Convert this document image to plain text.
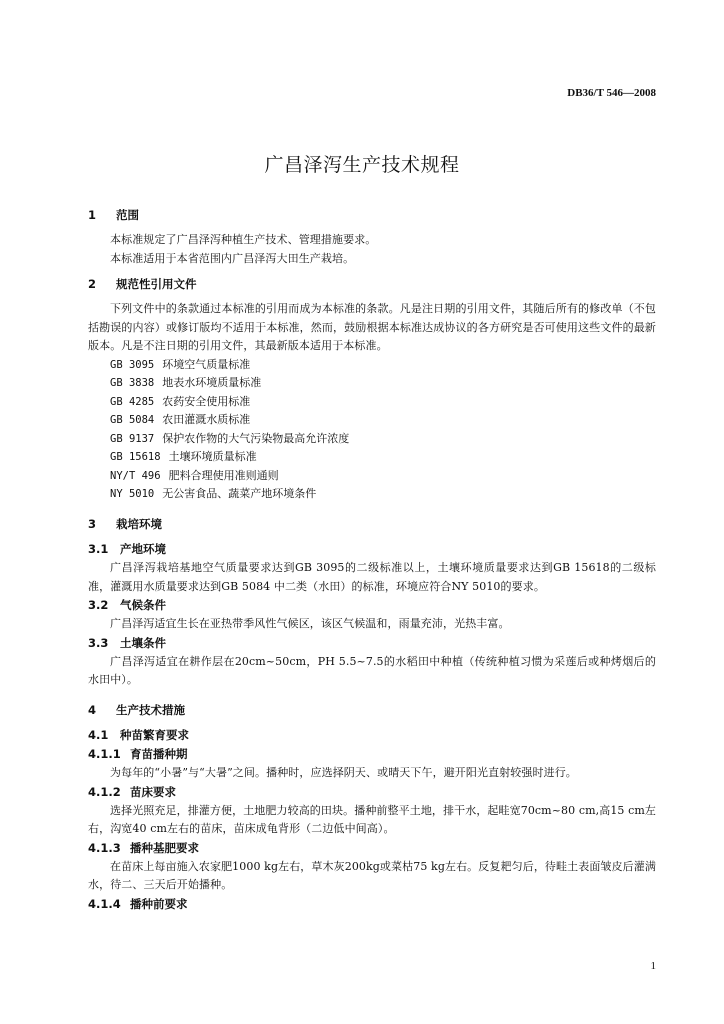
DB36/T 546—2008
广昌泽泻生产技术规程
1 范围

本标准规定了广昌泽泻种植生产技术、管理措施要求。

本标准适用于本省范围内广昌泽泻大田生产栽培。

2 规范性引用文件

下列文件中的条款通过本标准的引用而成为本标准的条款。凡是注日期的引用文件，其随后所有的修改单（不包括勘误的内容）或修订版均不适用于本标准，然而，鼓励根据本标准达成协议的各方研究是否可使用这些文件的最新版本。凡是不注日期的引用文件，其最新版本适用于本标准。

GB 3095 环境空气质量标准

GB 3838 地表水环境质量标准

GB 4285 农药安全使用标准

GB 5084 农田灌溉水质标准

GB 9137 保护农作物的大气污染物最高允许浓度

GB 15618 土壤环境质量标准

NY/T 496 肥料合理使用准则通则

NY 5010 无公害食品、蔬菜产地环境条件

3 栽培环境
3.1 产地环境

广昌泽泻栽培基地空气质量要求达到GB 3095的二级标准以上，土壤环境质量要求达到GB 15618的二级标准，灌溉用水质量要求达到GB 5084 中二类（水田）的标准，环境应符合NY 5010的要求。

3.2 气候条件

广昌泽泻适宜生长在亚热带季风性气候区，该区气候温和，雨量充沛，光热丰富。

3.3 土壤条件

广昌泽泻适宜在耕作层在20cm~50cm，PH 5.5~7.5的水稻田中种植（传统种植习惯为采莲后或种烤烟后的水田中）。

4 生产技术措施
4.1 种苗繁育要求
4.1.1 育苗播种期

为每年的“小暑”与“大暑”之间。播种时，应选择阴天、或晴天下午，避开阳光直射较强时进行。

4.1.2 苗床要求

选择光照充足，排灌方便，土地肥力较高的田块。播种前整平土地，排干水，起畦宽70cm~80 cm,高15 cm左右，沟宽40 cm左右的苗床，苗床成龟背形（二边低中间高）。

4.1.3 播种基肥要求

在苗床上每亩施入农家肥1000 kg左右，草木灰200kg或菜枯75 kg左右。反复耙匀后，待畦土表面皱皮后灌满水，待二、三天后开始播种。

4.1.4 播种前要求
1
